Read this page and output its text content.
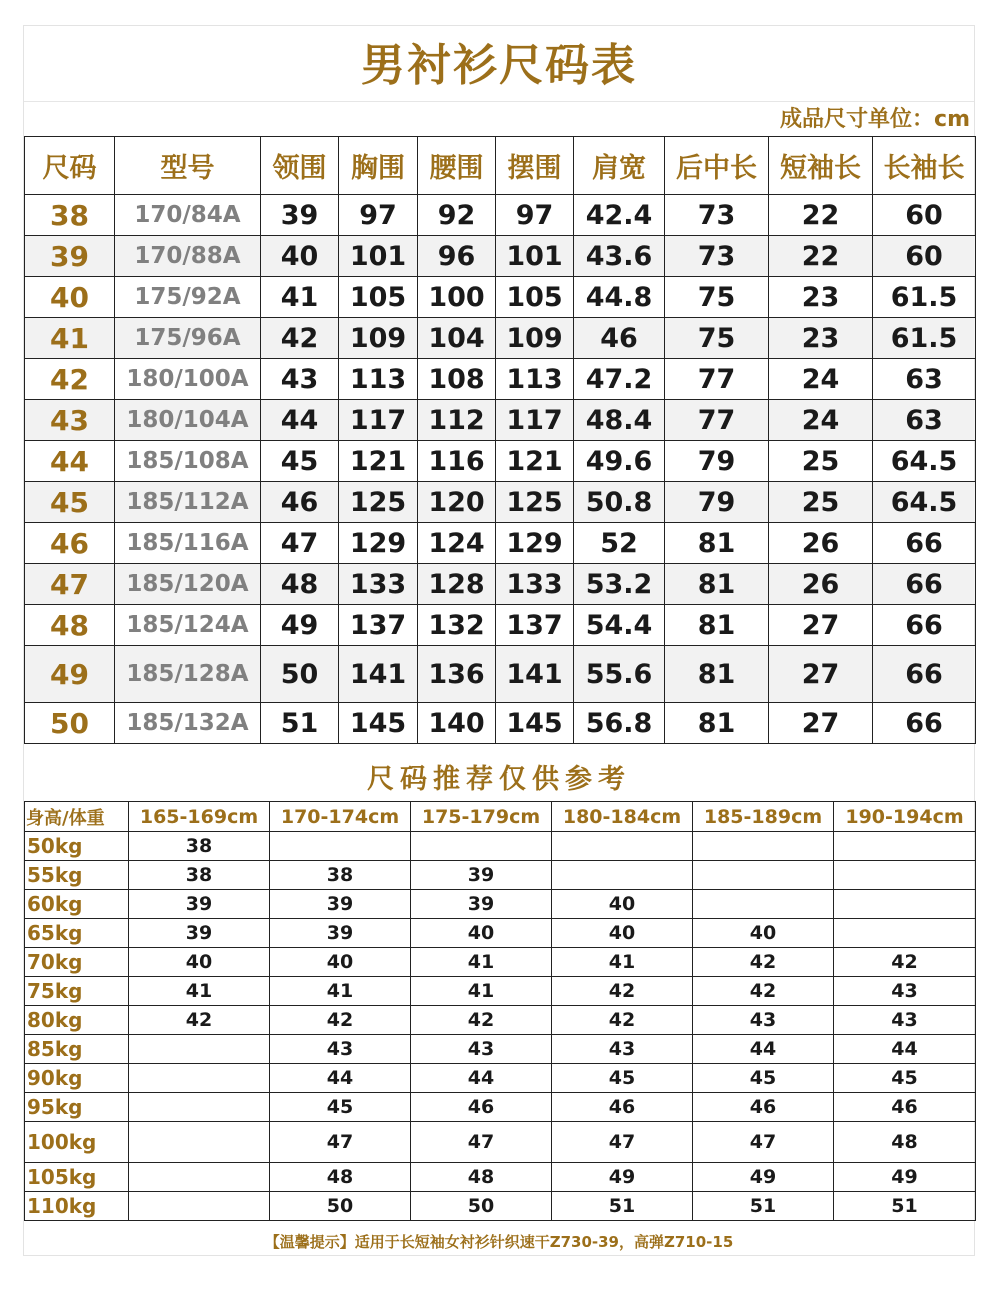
男衬衫尺码表
成品尺寸单位：cm
尺码	型号	领围	胸围	腰围	摆围	肩宽	后中长	短袖长	长袖长
38	170/84A	39	97	92	97	42.4	73	22	60
39	170/88A	40	101	96	101	43.6	73	22	60
40	175/92A	41	105	100	105	44.8	75	23	61.5
41	175/96A	42	109	104	109	46	75	23	61.5
42	180/100A	43	113	108	113	47.2	77	24	63
43	180/104A	44	117	112	117	48.4	77	24	63
44	185/108A	45	121	116	121	49.6	79	25	64.5
45	185/112A	46	125	120	125	50.8	79	25	64.5
46	185/116A	47	129	124	129	52	81	26	66
47	185/120A	48	133	128	133	53.2	81	26	66
48	185/124A	49	137	132	137	54.4	81	27	66
49	185/128A	50	141	136	141	55.6	81	27	66
50	185/132A	51	145	140	145	56.8	81	27	66
尺码推荐仅供参考
身高/体重	165-169cm	170-174cm	175-179cm	180-184cm	185-189cm	190-194cm
50kg	38					
55kg	38	38	39			
60kg	39	39	39	40		
65kg	39	39	40	40	40	
70kg	40	40	41	41	42	42
75kg	41	41	41	42	42	43
80kg	42	42	42	42	43	43
85kg		43	43	43	44	44
90kg		44	44	45	45	45
95kg		45	46	46	46	46
100kg		47	47	47	47	48
105kg		48	48	49	49	49
110kg		50	50	51	51	51
【温馨提示】适用于长短袖女衬衫针织速干Z730-39，高弹Z710-15
